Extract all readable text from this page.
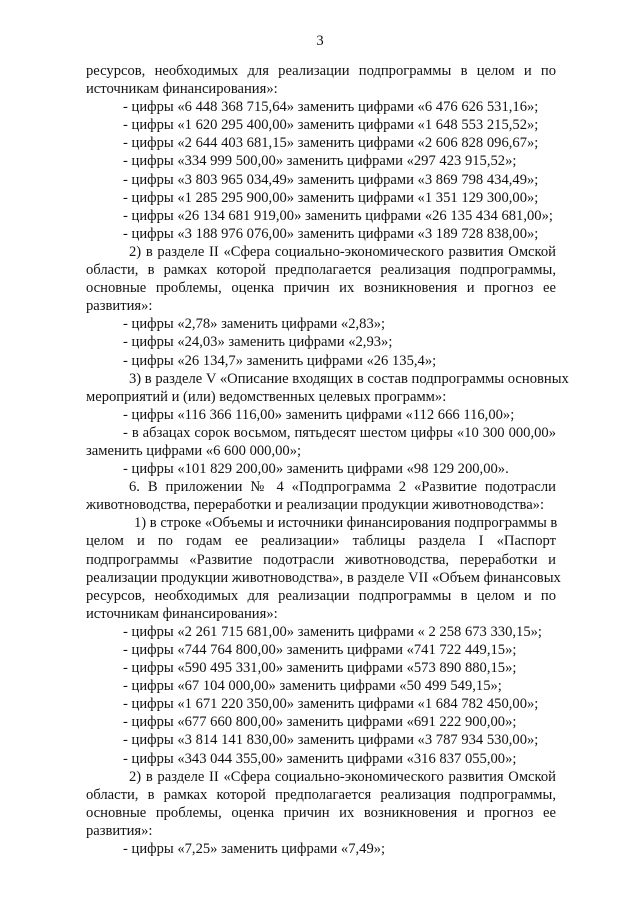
3
ресурсов, необходимых для реализации подпрограммы в целом и по
источникам финансирования»:
- цифры «6 448 368 715,64» заменить цифрами «6 476 626 531,16»;
- цифры «1 620 295 400,00» заменить цифрами «1 648 553 215,52»;
- цифры «2 644 403 681,15» заменить цифрами «2 606 828 096,67»;
- цифры «334 999 500,00» заменить цифрами «297 423 915,52»;
- цифры «3 803 965 034,49» заменить цифрами «3 869 798 434,49»;
- цифры «1 285 295 900,00» заменить цифрами «1 351 129 300,00»;
- цифры «26 134 681 919,00» заменить цифрами «26 135 434 681,00»;
- цифры «3 188 976 076,00» заменить цифрами «3 189 728 838,00»;
2) в разделе II «Сфера социально-экономического развития Омской
области, в рамках которой предполагается реализация подпрограммы,
основные проблемы, оценка причин их возникновения и прогноз ее
развития»:
- цифры «2,78» заменить цифрами «2,83»;
- цифры «24,03» заменить цифрами «2,93»;
- цифры «26 134,7» заменить цифрами «26 135,4»;
3) в разделе V «Описание входящих в состав подпрограммы основных
мероприятий и (или) ведомственных целевых программ»:
- цифры «116 366 116,00» заменить цифрами «112 666 116,00»;
- в абзацах сорок восьмом, пятьдесят шестом цифры «10 300 000,00»
заменить цифрами «6 600 000,00»;
- цифры «101 829 200,00» заменить цифрами «98 129 200,00».
6. В приложении № 4 «Подпрограмма 2 «Развитие подотрасли
животноводства, переработки и реализации продукции животноводства»:
1) в строке «Объемы и источники финансирования подпрограммы в
целом и по годам ее реализации» таблицы раздела I «Паспорт
подпрограммы «Развитие подотрасли животноводства, переработки и
реализации продукции животноводства», в разделе VII «Объем финансовых
ресурсов, необходимых для реализации подпрограммы в целом и по
источникам финансирования»:
- цифры «2 261 715 681,00» заменить цифрами « 2 258 673 330,15»;
- цифры «744 764 800,00» заменить цифрами «741 722 449,15»;
- цифры «590 495 331,00» заменить цифрами «573 890 880,15»;
- цифры «67 104 000,00» заменить цифрами «50 499 549,15»;
- цифры «1 671 220 350,00» заменить цифрами «1 684 782 450,00»;
- цифры «677 660 800,00» заменить цифрами «691 222 900,00»;
- цифры «3 814 141 830,00» заменить цифрами «3 787 934 530,00»;
- цифры «343 044 355,00» заменить цифрами «316 837 055,00»;
2) в разделе II «Сфера социально-экономического развития Омской
области, в рамках которой предполагается реализация подпрограммы,
основные проблемы, оценка причин их возникновения и прогноз ее
развития»:
- цифры «7,25» заменить цифрами «7,49»;
